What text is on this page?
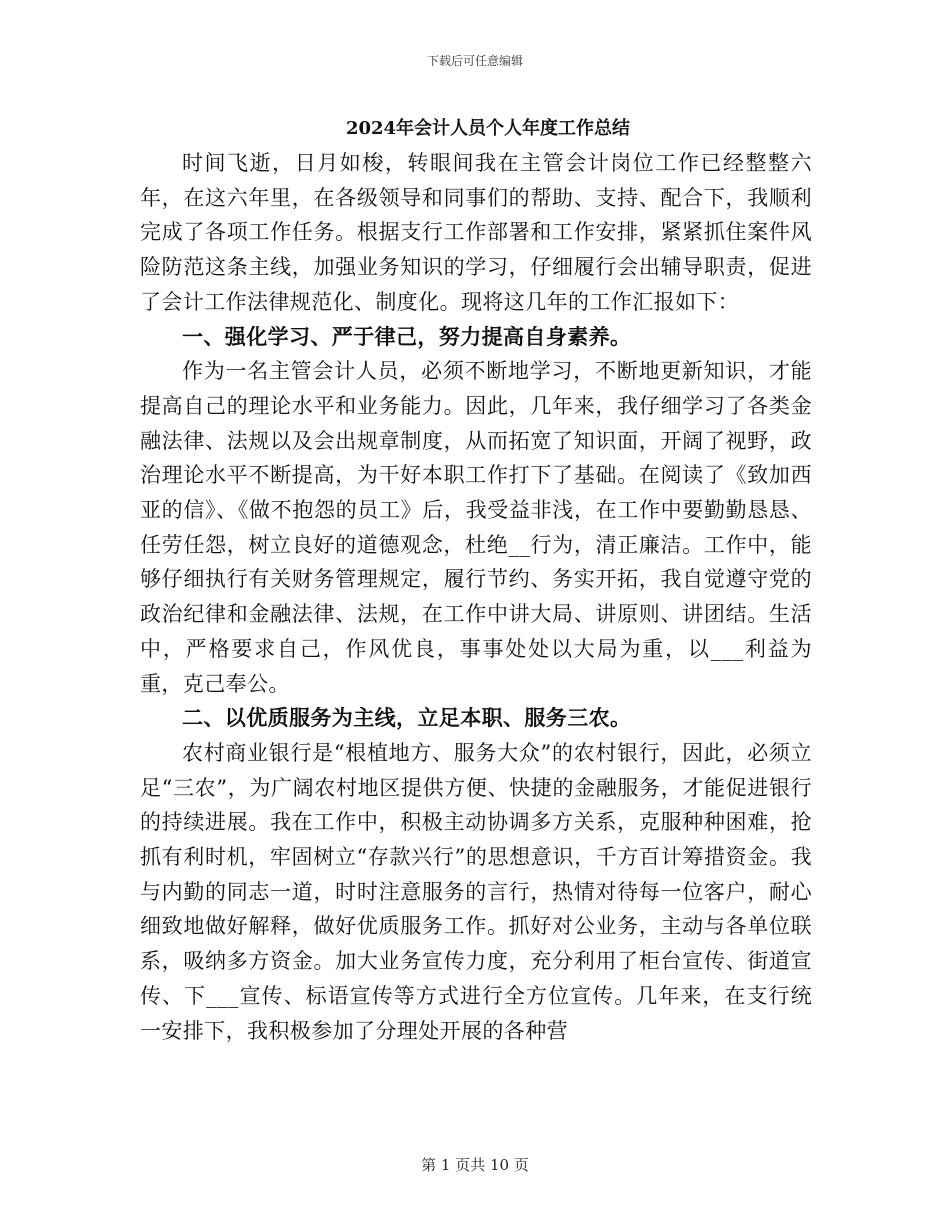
下载后可任意编辑
2024年会计人员个人年度工作总结

时间飞逝，日月如梭，转眼间我在主管会计岗位工作已经整整六年，在这六年里，在各级领导和同事们的帮助、支持、配合下，我顺利完成了各项工作任务。根据支行工作部署和工作安排，紧紧抓住案件风险防范这条主线，加强业务知识的学习，仔细履行会出辅导职责，促进了会计工作法律规范化、制度化。现将这几年的工作汇报如下：

一、强化学习、严于律己，努力提高自身素养。

作为一名主管会计人员，必须不断地学习，不断地更新知识，才能提高自己的理论水平和业务能力。因此，几年来，我仔细学习了各类金融法律、法规以及会出规章制度，从而拓宽了知识面，开阔了视野，政治理论水平不断提高，为干好本职工作打下了基础。在阅读了《致加西亚的信》、《做不抱怨的员工》后，我受益非浅，在工作中要勤勤恳恳、任劳任怨，树立良好的道德观念，杜绝__行为，清正廉洁。工作中，能够仔细执行有关财务管理规定，履行节约、务实开拓，我自觉遵守党的政治纪律和金融法律、法规，在工作中讲大局、讲原则、讲团结。生活中，严格要求自己，作风优良，事事处处以大局为重，以___利益为重，克己奉公。

二、以优质服务为主线，立足本职、服务三农。

农村商业银行是“根植地方、服务大众”的农村银行，因此，必须立足“三农”，为广阔农村地区提供方便、快捷的金融服务，才能促进银行的持续进展。我在工作中，积极主动协调多方关系，克服种种困难，抢抓有利时机，牢固树立“存款兴行”的思想意识，千方百计筹措资金。我与内勤的同志一道，时时注意服务的言行，热情对待每一位客户，耐心细致地做好解释，做好优质服务工作。抓好对公业务，主动与各单位联系，吸纳多方资金。加大业务宣传力度，充分利用了柜台宣传、街道宣传、下___宣传、标语宣传等方式进行全方位宣传。几年来，在支行统一安排下，我积极参加了分理处开展的各种营

第 1 页共 10 页
